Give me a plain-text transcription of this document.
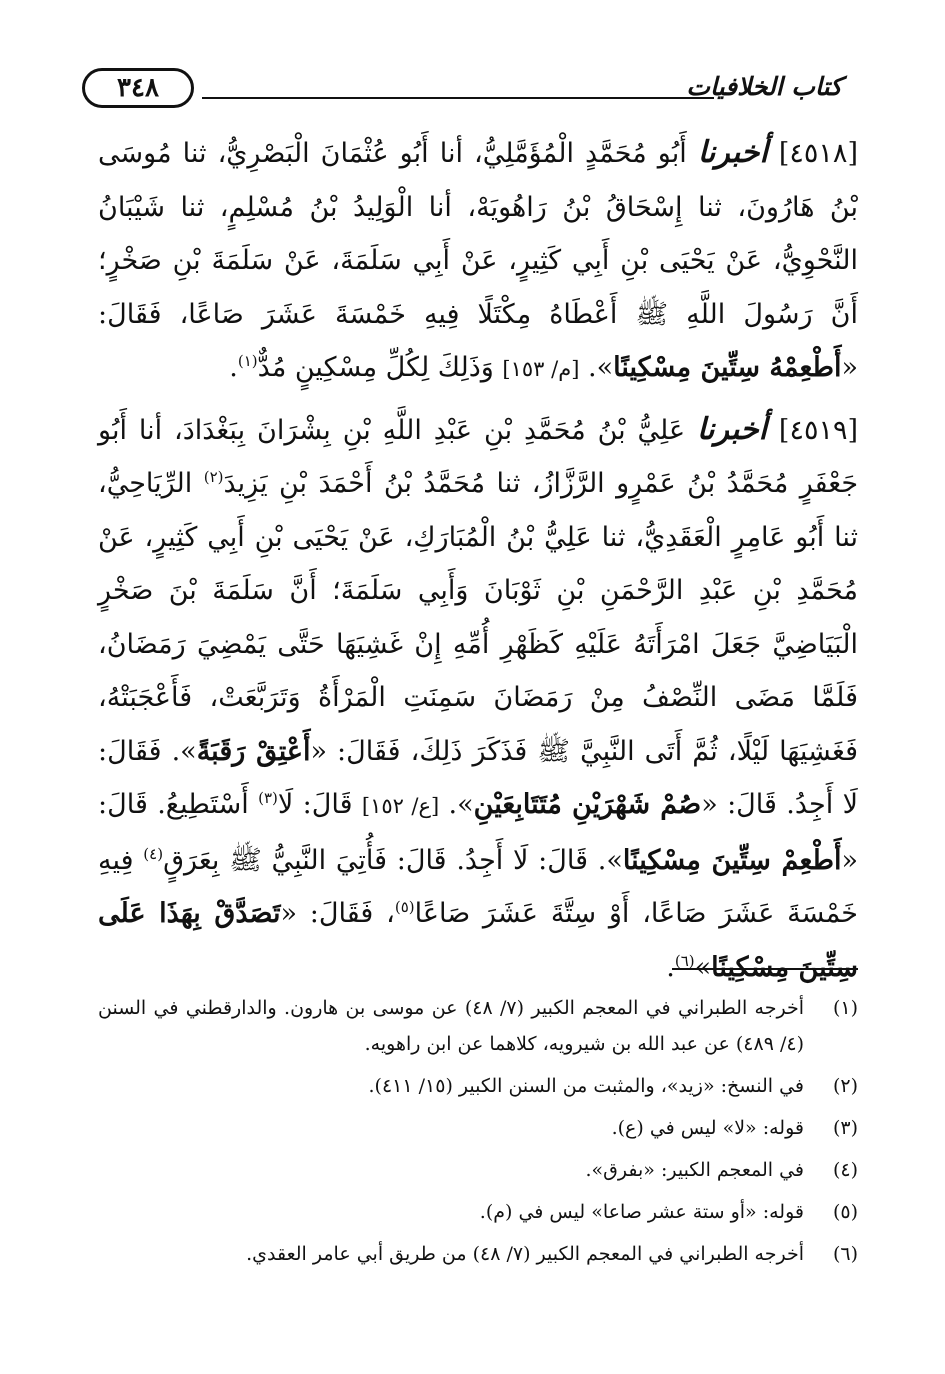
٣٤٨	كتاب الخلافيات

[٤٥١٨] أخبرنا أَبُو مُحَمَّدٍ الْمُؤَمَّلِيُّ، أنا أَبُو عُثْمَانَ الْبَصْرِيُّ، ثنا مُوسَى بْنُ هَارُونَ، ثنا إِسْحَاقُ بْنُ رَاهُويَهْ، أنا الْوَلِيدُ بْنُ مُسْلِمٍ، ثنا شَيْبَانُ النَّحْوِيُّ، عَنْ يَحْيَى بْنِ أَبِي كَثِيرٍ، عَنْ أَبِي سَلَمَةَ، عَنْ سَلَمَةَ بْنِ صَخْرٍ؛ أَنَّ رَسُولَ اللَّهِ ﷺ أَعْطَاهُ مِكْتَلًا فِيهِ خَمْسَةَ عَشَرَ صَاعًا، فَقَالَ: «أَطْعِمْهُ سِتِّينَ مِسْكِينًا». [م/ ١٥٣] وَذَلِكَ لِكُلِّ مِسْكِينٍ مُدٌّ$^{(١)}$.

[٤٥١٩] أخبرنا عَلِيُّ بْنُ مُحَمَّدِ بْنِ عَبْدِ اللَّهِ بْنِ بِشْرَانَ بِبَغْدَادَ، أنا أَبُو جَعْفَرٍ مُحَمَّدُ بْنُ عَمْرٍو الرَّزَّازُ، ثنا مُحَمَّدُ بْنُ أَحْمَدَ بْنِ يَزِيدَ$^{(٢)}$ الرِّيَاحِيُّ، ثنا أَبُو عَامِرٍ الْعَقَدِيُّ، ثنا عَلِيُّ بْنُ الْمُبَارَكِ، عَنْ يَحْيَى بْنِ أَبِي كَثِيرٍ، عَنْ مُحَمَّدِ بْنِ عَبْدِ الرَّحْمَنِ بْنِ ثَوْبَانَ وَأَبِي سَلَمَةَ؛ أَنَّ سَلَمَةَ بْنَ صَخْرٍ الْبَيَاضِيَّ جَعَلَ امْرَأَتَهُ عَلَيْهِ كَظَهْرِ أُمِّهِ إِنْ غَشِيَهَا حَتَّى يَمْضِيَ رَمَضَانُ، فَلَمَّا مَضَى النِّصْفُ مِنْ رَمَضَانَ سَمِنَتِ الْمَرْأَةُ وَتَرَبَّعَتْ، فَأَعْجَبَتْهُ، فَغَشِيَهَا لَيْلًا، ثُمَّ أَتَى النَّبِيَّ ﷺ فَذَكَرَ ذَلِكَ، فَقَالَ: «أَعْتِقْ رَقَبَةً». فَقَالَ: لَا أَجِدُ. قَالَ: «صُمْ شَهْرَيْنِ مُتَتَابِعَيْنِ». [ع/ ١٥٢] قَالَ: لَا$^{(٣)}$ أَسْتَطِيعُ. قَالَ: «أَطْعِمْ سِتِّينَ مِسْكِينًا». قَالَ: لَا أَجِدُ. قَالَ: فَأُتِيَ النَّبِيُّ ﷺ بِعَرَقٍ$^{(٤)}$ فِيهِ خَمْسَةَ عَشَرَ صَاعًا، أَوْ سِتَّةَ عَشَرَ صَاعًا$^{(٥)}$، فَقَالَ: «تَصَدَّقْ بِهَذَا عَلَى سِتِّينَ مِسْكِينًا»$^{(٦)}$.

(١)
أخرجه الطبراني في المعجم الكبير (٧/ ٤٨) عن موسى بن هارون. والدارقطني في السنن (٤/ ٤٨٩) عن عبد الله بن شيرويه، كلاهما عن ابن راهويه.
(٢)
في النسخ: «زيد»، والمثبت من السنن الكبير (١٥/ ٤١١).
(٣)
قوله: «لا» ليس في (ع).
(٤)
في المعجم الكبير: «بفرق».
(٥)
قوله: «أو ستة عشر صاعا» ليس في (م).
(٦)
أخرجه الطبراني في المعجم الكبير (٧/ ٤٨) من طريق أبي عامر العقدي.
